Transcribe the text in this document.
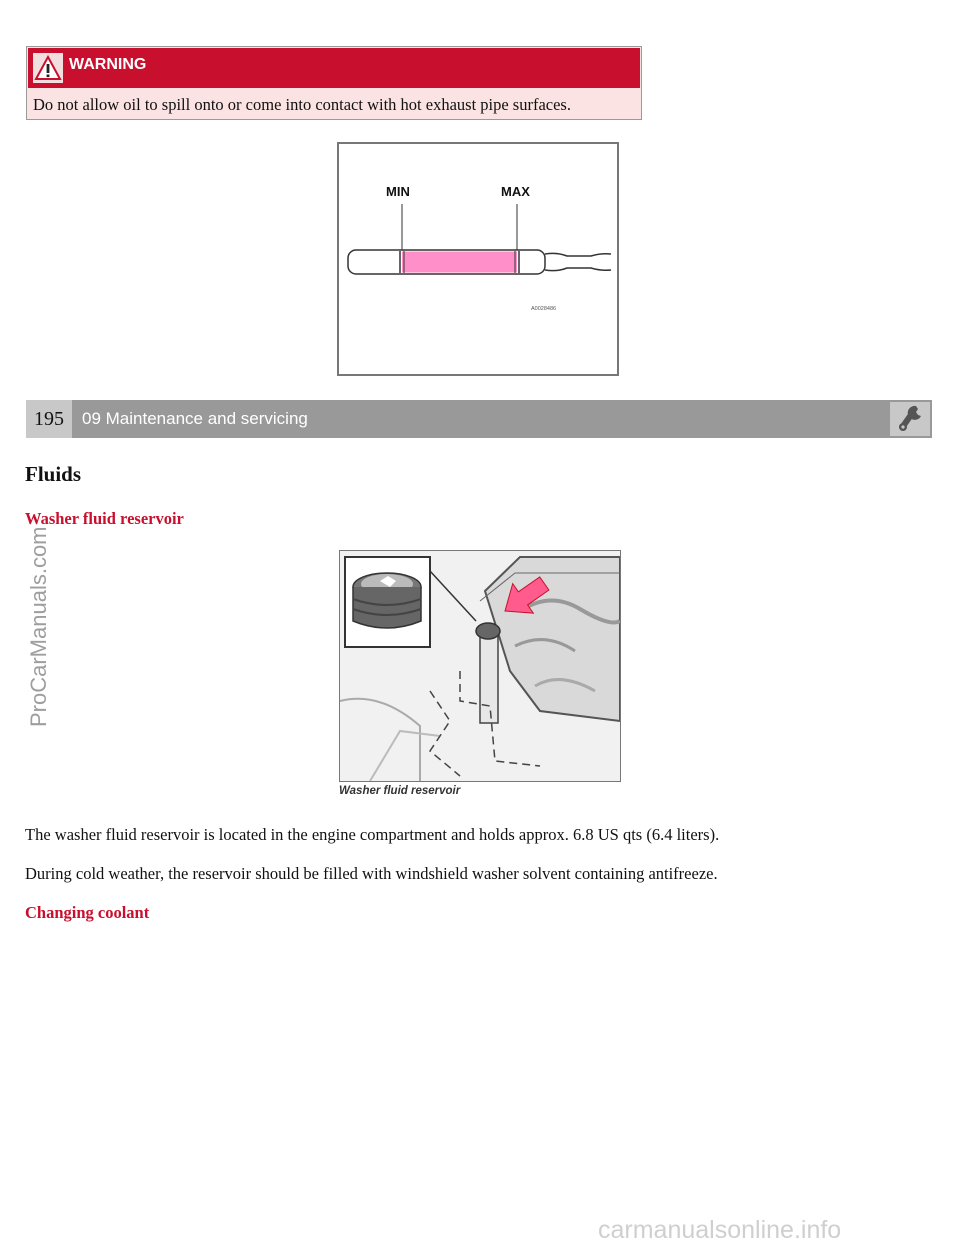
WARNING
Do not allow oil to spill onto or come into contact with hot exhaust pipe surfaces.
MIN	MAX
A0028486
195	09 Maintenance and servicing
Fluids
Washer fluid reservoir
Washer fluid reservoir
The washer fluid reservoir is located in the engine compartment and holds approx. 6.8 US qts (6.4 liters).
During cold weather, the reservoir should be filled with windshield washer solvent containing antifreeze.
Changing coolant
ProCarManuals.com
carmanualsonline.info
